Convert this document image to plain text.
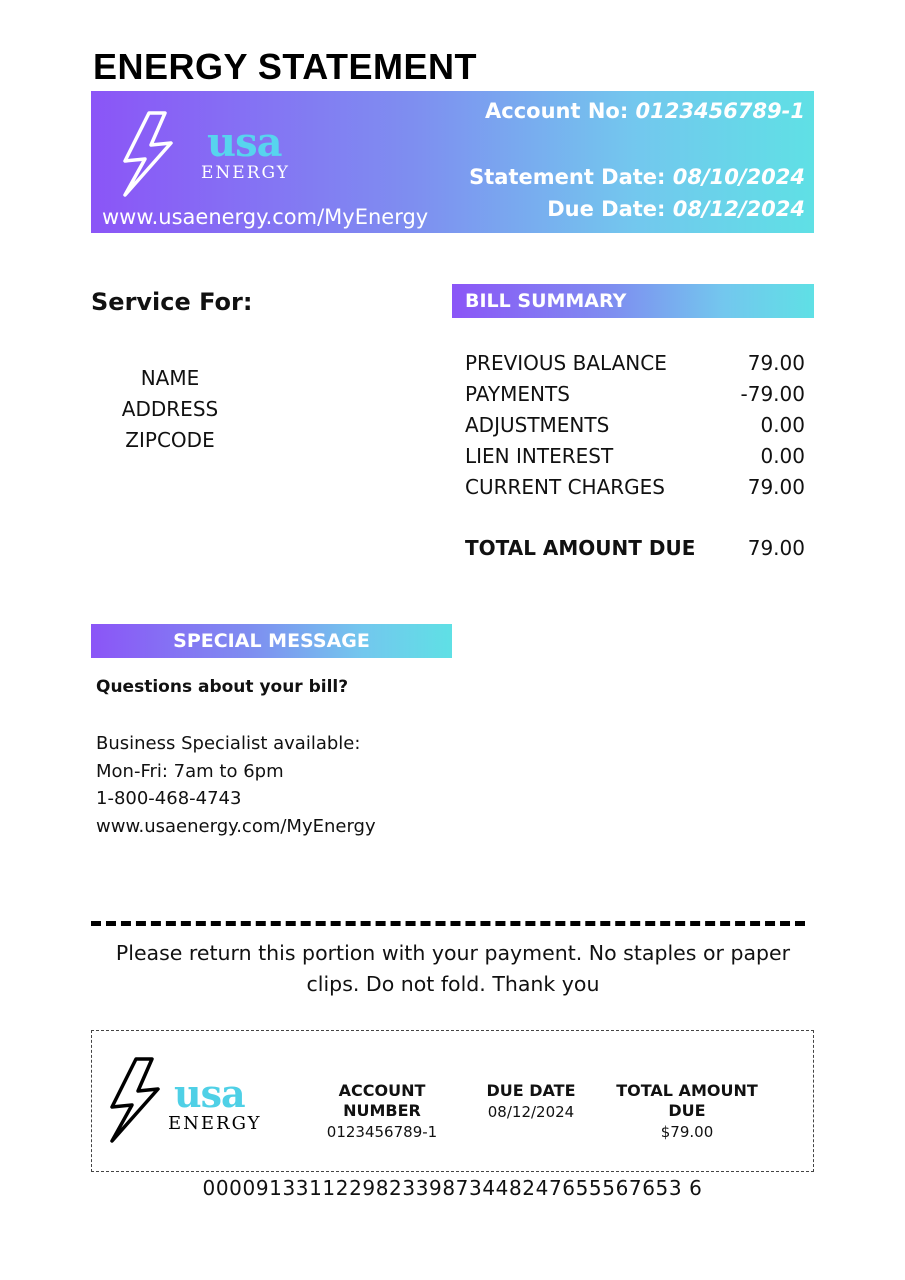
ENERGY STATEMENT
usa
ENERGY
www.usaenergy.com/MyEnergy
Account No: 0123456789-1
Statement Date: 08/10/2024
Due Date: 08/12/2024
Service For:
NAME
ADDRESS
ZIPCODE
BILL SUMMARY
PREVIOUS BALANCE	79.00
PAYMENTS	-79.00
ADJUSTMENTS	0.00
LIEN INTEREST	0.00
CURRENT CHARGES	79.00
TOTAL AMOUNT DUE	79.00
SPECIAL MESSAGE
Questions about your bill?
Business Specialist available:
Mon-Fri: 7am to 6pm
1-800-468-4743
www.usaenergy.com/MyEnergy
Please return this portion with your payment. No staples or paper clips. Do not fold. Thank you
usa
ENERGY
ACCOUNT NUMBER
0123456789-1
DUE DATE
08/12/2024
TOTAL AMOUNT DUE
$79.00
000091331122982339873448247655567653 6
